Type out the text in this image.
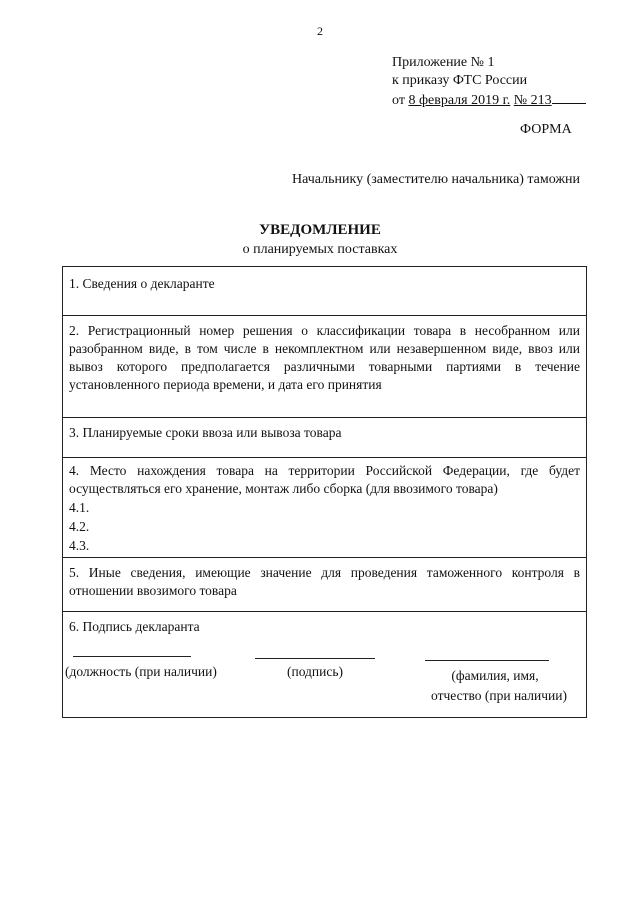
2
Приложение № 1
к приказу ФТС России
от 8 февраля 2019 г. № 213
ФОРМА
Начальнику (заместителю начальника) таможни
УВЕДОМЛЕНИЕ
о планируемых поставках
1. Сведения о декларанте
2. Регистрационный номер решения о классификации товара в несобранном или разобранном виде, в том числе в некомплектном или незавершенном виде, ввоз или вывоз которого предполагается различными товарными партиями в течение установленного периода времени, и дата его принятия
3. Планируемые сроки ввоза или вывоза товара
4. Место нахождения товара на территории Российской Федерации, где будет осуществляться его хранение, монтаж либо сборка (для ввозимого товара)
4.1.
4.2.
4.3.
5. Иные сведения, имеющие значение для проведения таможенного контроля в отношении ввозимого товара
6. Подпись декларанта
(должность (при наличии)	(подпись)	(фамилия, имя,
отчество (при наличии)
